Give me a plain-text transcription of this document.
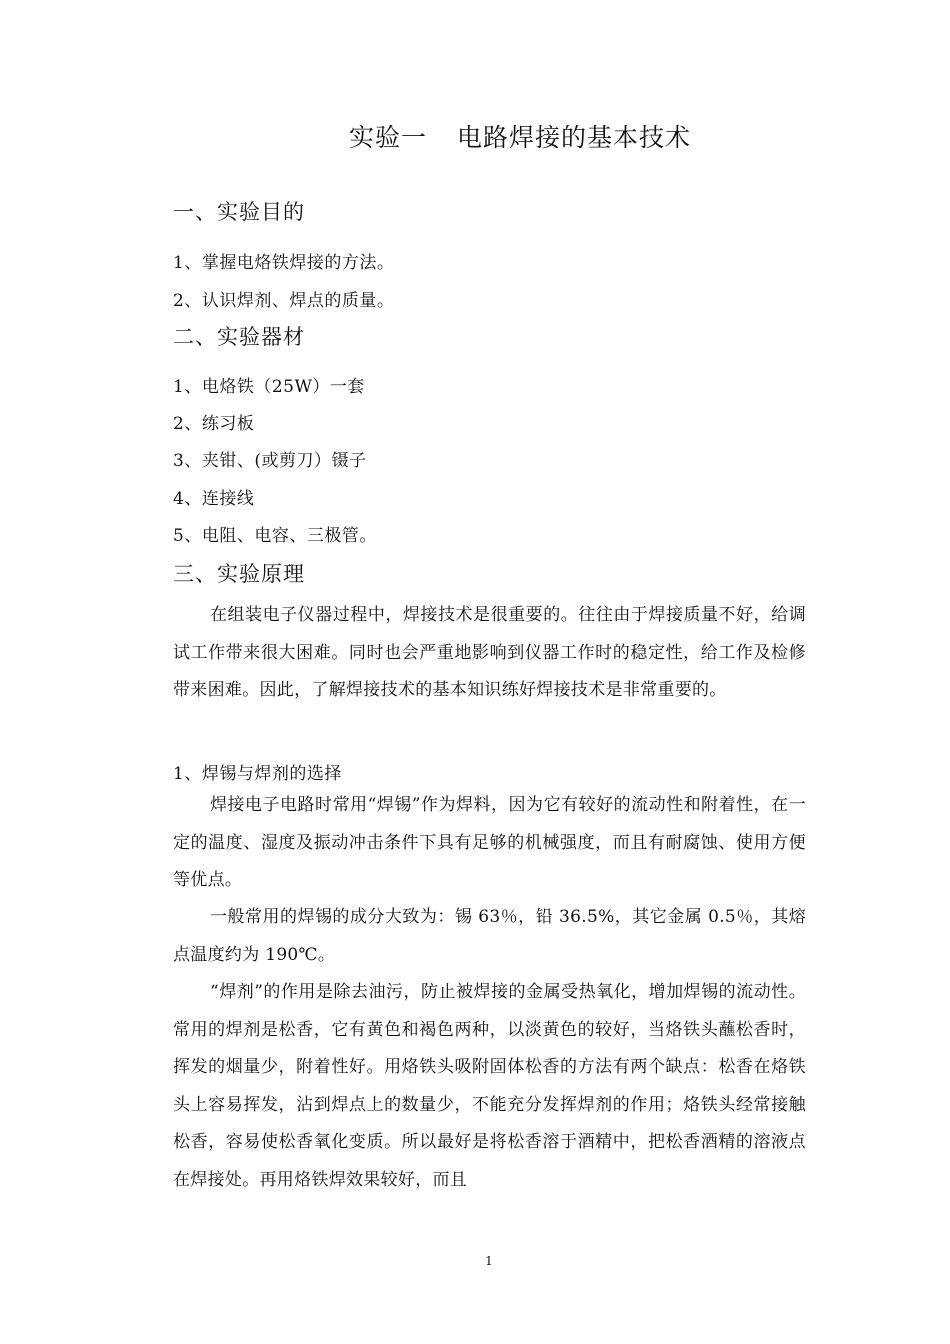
实验一 电路焊接的基本技术
一、实验目的
1、掌握电烙铁焊接的方法。
2、认识焊剂、焊点的质量。
二、实验器材
1、电烙铁（25W）一套
2、练习板
3、夹钳、(或剪刀）镊子
4、连接线
5、电阻、电容、三极管。
三、实验原理
在组装电子仪器过程中，焊接技术是很重要的。往往由于焊接质量不好，给调试工作带来很大困难。同时也会严重地影响到仪器工作时的稳定性，给工作及检修带来困难。因此，了解焊接技术的基本知识练好焊接技术是非常重要的。
1、焊锡与焊剂的选择
焊接电子电路时常用“焊锡”作为焊料，因为它有较好的流动性和附着性，在一定的温度、湿度及振动冲击条件下具有足够的机械强度，而且有耐腐蚀、使用方便等优点。
一般常用的焊锡的成分大致为：锡 63％，铅 36.5%，其它金属 0.5％，其熔点温度约为 190℃。
“焊剂”的作用是除去油污，防止被焊接的金属受热氧化，增加焊锡的流动性。常用的焊剂是松香，它有黄色和褐色两种，以淡黄色的较好，当烙铁头蘸松香时，挥发的烟量少，附着性好。用烙铁头吸附固体松香的方法有两个缺点：松香在烙铁头上容易挥发，沾到焊点上的数量少，不能充分发挥焊剂的作用；烙铁头经常接触松香，容易使松香氧化变质。所以最好是将松香溶于酒精中，把松香酒精的溶液点在焊接处。再用烙铁焊效果较好，而且
1
